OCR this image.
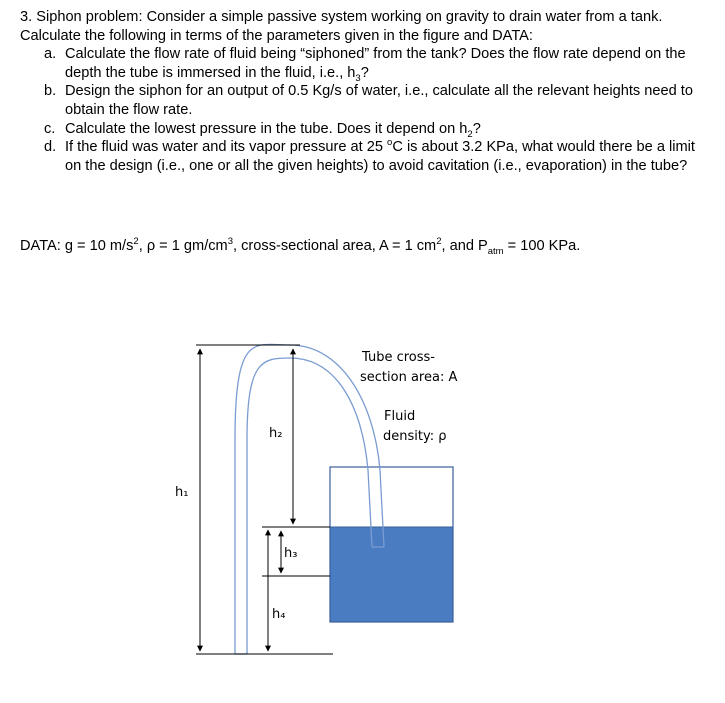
3. Siphon problem: Consider a simple passive system working on gravity to drain water from a tank. Calculate the following in terms of the parameters given in the figure and DATA:

a. Calculate the flow rate of fluid being “siphoned” from the tank? Does the flow rate depend on the depth the tube is immersed in the fluid, i.e., $h_3$?
b. Design the siphon for an output of 0.5 Kg/s of water, i.e., calculate all the relevant heights need to obtain the flow rate.
c. Calculate the lowest pressure in the tube. Does it depend on $h_2$?
d. If the fluid was water and its vapor pressure at 25 $^o$C is about 3.2 KPa, what would there be a limit on the design (i.e., one or all the given heights) to avoid cavitation (i.e., evaporation) in the tube?
DATA: g = 10 $m/s^2$, ρ = 1 $gm/cm^3$, cross-sectional area, A = 1 $cm^2$, and $P_{atm} = 100$ KPa.
h₁
h₂
h₃
h₄
Tube cross-
section area: A
Fluid
density: ρ
